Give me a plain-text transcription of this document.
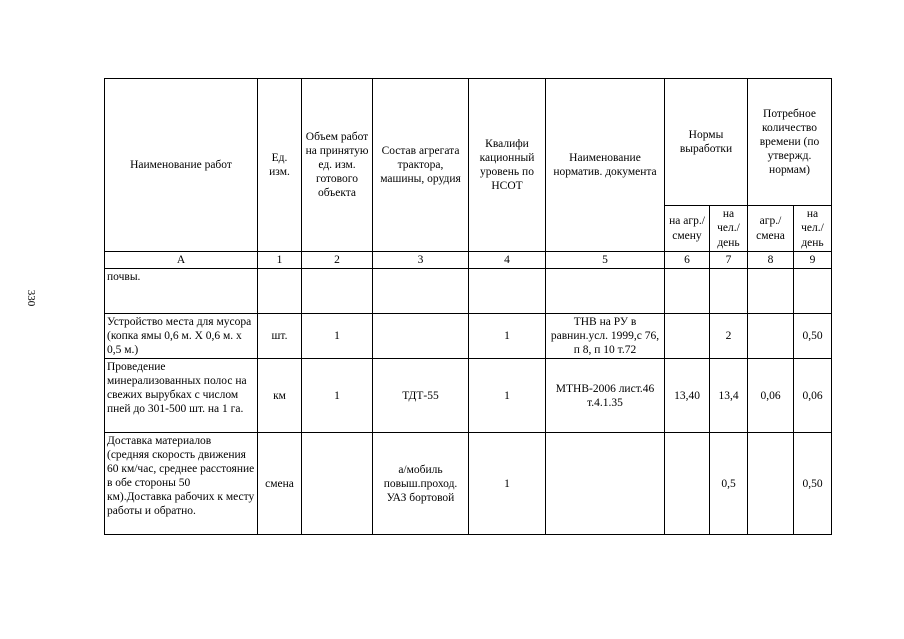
330
Наименование работ	Ед. изм.	Объем работ на принятую ед. изм. готового объекта	Состав агрегата трактора, машины, орудия	Квалифи кационный уровень по НСОТ	Наименование норматив. документа	Нормы выработки		Потребное количество времени (по утвержд. нормам)	
						на агр./ смену	на чел./ день	агр./ смена	на чел./ день
А	1	2	3	4	5	6	7	8	9
почвы.									
Устройство места для мусора (копка ямы 0,6 м. Х 0,6 м. х 0,5 м.)	шт.	1		1	ТНВ на РУ в равнин.усл. 1999,с 76, п 8, п 10 т.72		2		0,50
Проведение минерализованных полос на свежих вырубках с числом пней до 301-500 шт. на 1 га.	км	1	ТДТ-55	1	МТНВ-2006 лист.46 т.4.1.35	13,40	13,4	0,06	0,06
Доставка материалов (средняя скорость движения 60 км/час, среднее расстояние в обе стороны 50 км).Доставка рабочих к месту работы и обратно.	смена		а/мобиль повыш.проход. УАЗ бортовой	1			0,5		0,50
